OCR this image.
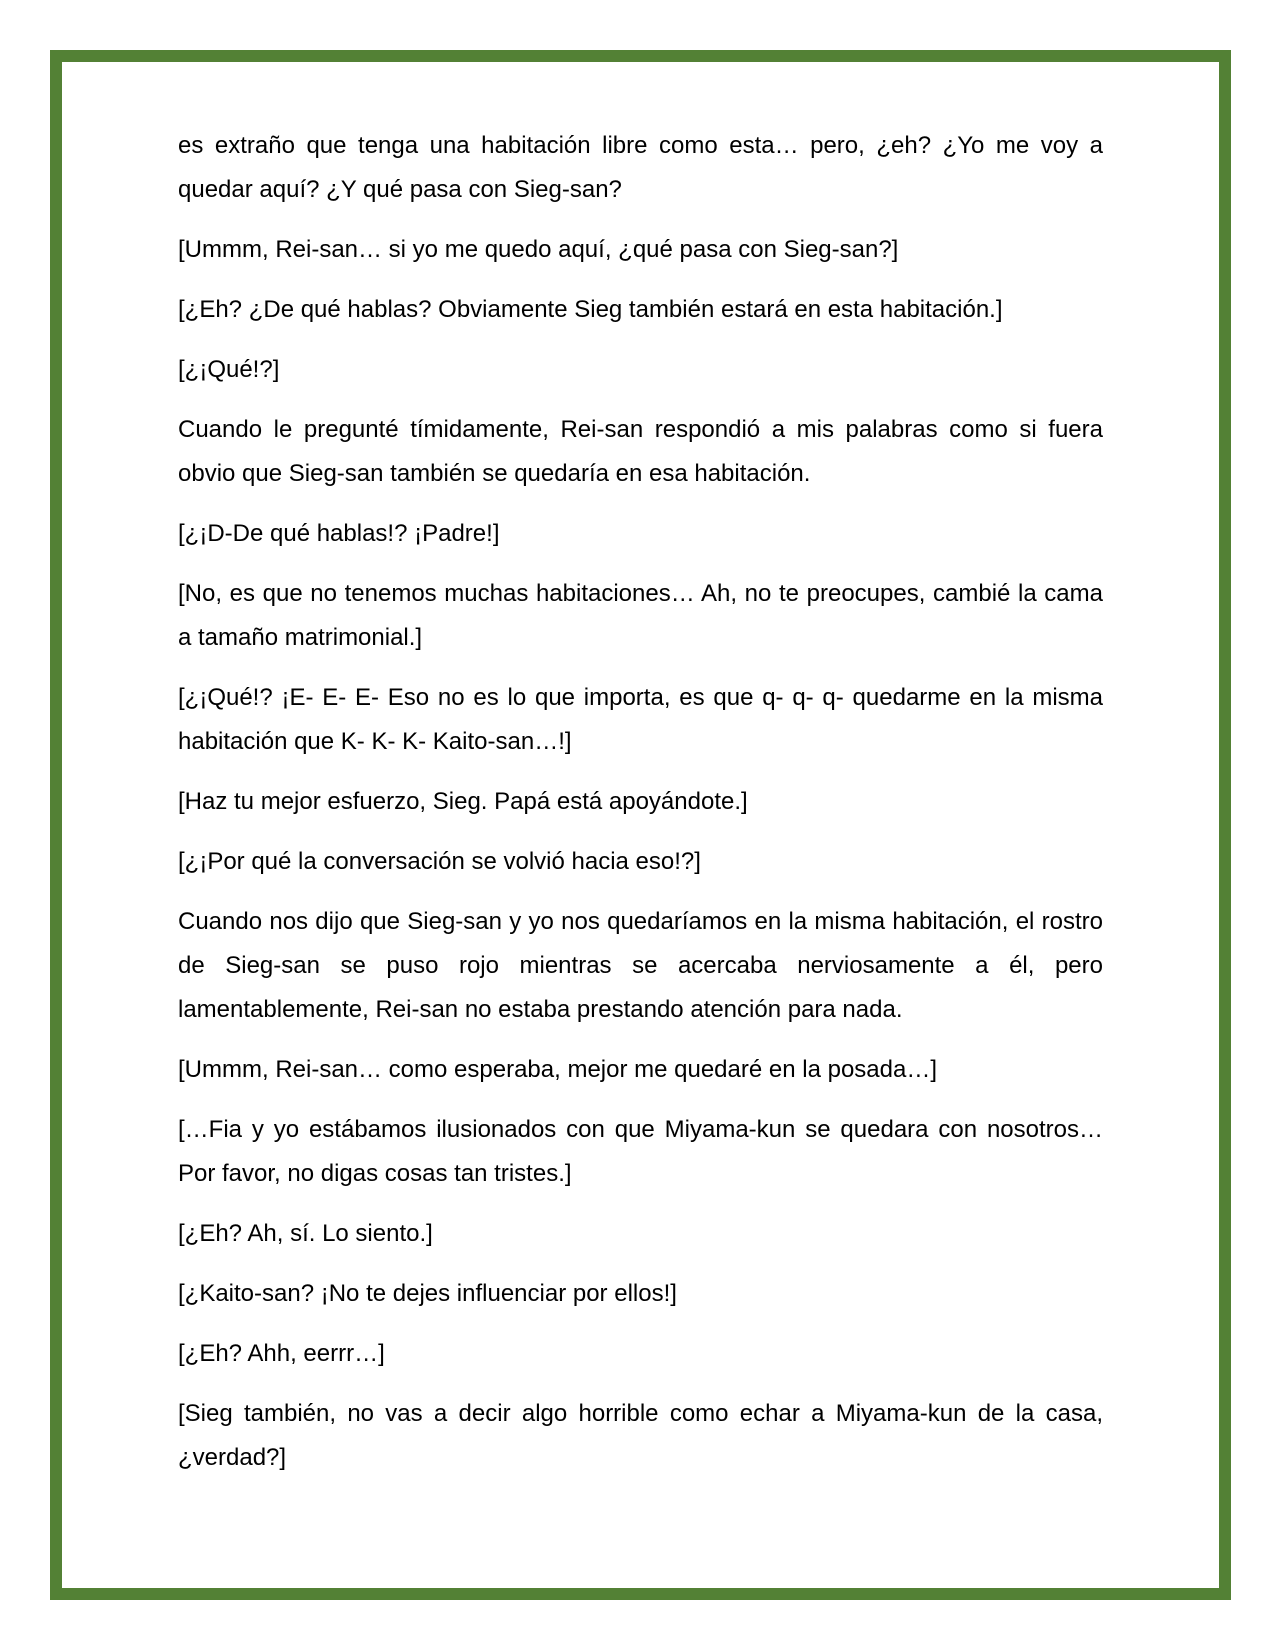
es extraño que tenga una habitación libre como esta… pero, ¿eh? ¿Yo me voy a quedar aquí? ¿Y qué pasa con Sieg-san?

[Ummm, Rei-san… si yo me quedo aquí, ¿qué pasa con Sieg-san?]

[¿Eh? ¿De qué hablas? Obviamente Sieg también estará en esta habitación.]

[¿¡Qué!?]

Cuando le pregunté tímidamente, Rei-san respondió a mis palabras como si fuera obvio que Sieg-san también se quedaría en esa habitación.

[¿¡D-De qué hablas!? ¡Padre!]

[No, es que no tenemos muchas habitaciones… Ah, no te preocupes, cambié la cama a tamaño matrimonial.]

[¿¡Qué!? ¡E- E- E- Eso no es lo que importa, es que q- q- q- quedarme en la misma habitación que K- K- K- Kaito-san…!]

[Haz tu mejor esfuerzo, Sieg. Papá está apoyándote.]

[¿¡Por qué la conversación se volvió hacia eso!?]

Cuando nos dijo que Sieg-san y yo nos quedaríamos en la misma habitación, el rostro de Sieg-san se puso rojo mientras se acercaba nerviosamente a él, pero lamentablemente, Rei-san no estaba prestando atención para nada.

[Ummm, Rei-san… como esperaba, mejor me quedaré en la posada…]

[…Fia y yo estábamos ilusionados con que Miyama-kun se quedara con nosotros… Por favor, no digas cosas tan tristes.]

[¿Eh? Ah, sí. Lo siento.]

[¿Kaito-san? ¡No te dejes influenciar por ellos!]

[¿Eh? Ahh, eerrr…]

[Sieg también, no vas a decir algo horrible como echar a Miyama-kun de la casa, ¿verdad?]
